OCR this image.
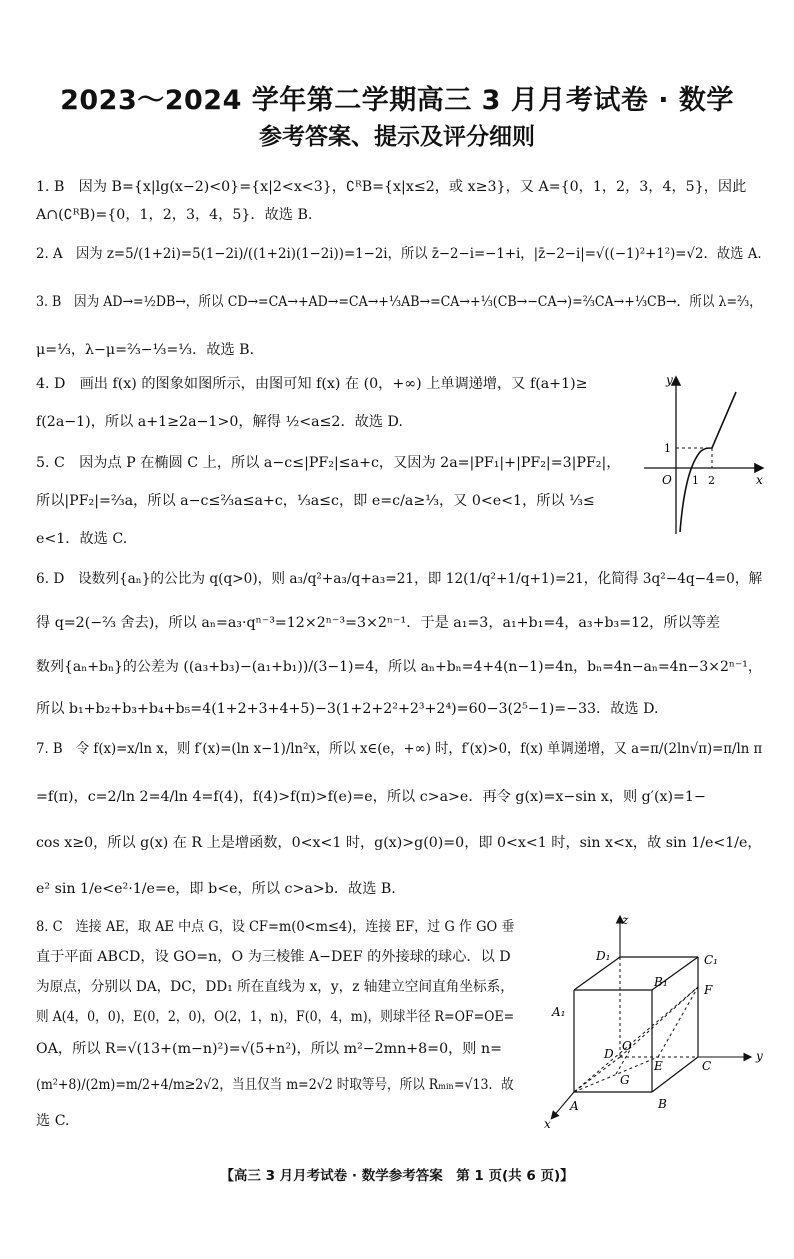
2023～2024 学年第二学期高三 3 月月考试卷 · 数学
参考答案、提示及评分细则
1. B　因为 B={x|lg(x−2)<0}={x|2<x<3}，∁ᴿB={x|x≤2，或 x≥3}，又 A={0，1，2，3，4，5}，因此
A∩(∁ᴿB)={0，1，2，3，4，5}．故选 B.
2. A　因为 z=5/(1+2i)=5(1−2i)/((1+2i)(1−2i))=1−2i，所以 z̄−2−i=−1+i，|z̄−2−i|=√((−1)²+1²)=√2．故选 A.
3. B　因为 AD→=½DB→，所以 CD→=CA→+AD→=CA→+⅓AB→=CA→+⅓(CB→−CA→)=⅔CA→+⅓CB→．所以 λ=⅔，
μ=⅓，λ−μ=⅔−⅓=⅓．故选 B.
4. D　画出 f(x) 的图象如图所示，由图可知 f(x) 在 (0，+∞) 上单调递增，又 f(a+1)≥
f(2a−1)，所以 a+1≥2a−1>0，解得 ½<a≤2．故选 D.
5. C　因为点 P 在椭圆 C 上，所以 a−c≤|PF₂|≤a+c，又因为 2a=|PF₁|+|PF₂|=3|PF₂|，
所以|PF₂|=⅔a，所以 a−c≤⅔a≤a+c，⅓a≤c，即 e=c/a≥⅓，又 0<e<1，所以 ⅓≤
e<1．故选 C.
y
x
O
1
1 2
6. D　设数列{aₙ}的公比为 q(q>0)，则 a₃/q²+a₃/q+a₃=21，即 12(1/q²+1/q+1)=21，化简得 3q²−4q−4=0，解
得 q=2(−⅔ 舍去)，所以 aₙ=a₃·qⁿ⁻³=12×2ⁿ⁻³=3×2ⁿ⁻¹．于是 a₁=3，a₁+b₁=4，a₃+b₃=12，所以等差
数列{aₙ+bₙ}的公差为 ((a₃+b₃)−(a₁+b₁))/(3−1)=4，所以 aₙ+bₙ=4+4(n−1)=4n，bₙ=4n−aₙ=4n−3×2ⁿ⁻¹，
所以 b₁+b₂+b₃+b₄+b₅=4(1+2+3+4+5)−3(1+2+2²+2³+2⁴)=60−3(2⁵−1)=−33．故选 D.
7. B　令 f(x)=x/ln x，则 f′(x)=(ln x−1)/ln²x，所以 x∈(e，+∞) 时，f′(x)>0，f(x) 单调递增，又 a=π/(2ln√π)=π/ln π
=f(π)，c=2/ln 2=4/ln 4=f(4)，f(4)>f(π)>f(e)=e，所以 c>a>e．再令 g(x)=x−sin x，则 g′(x)=1−
cos x≥0，所以 g(x) 在 R 上是增函数，0<x<1 时，g(x)>g(0)=0，即 0<x<1 时，sin x<x，故 sin 1/e<1/e，
e² sin 1/e<e²·1/e=e，即 b<e，所以 c>a>b．故选 B.
8. C　连接 AE，取 AE 中点 G，设 CF=m(0<m≤4)，连接 EF，过 G 作 GO 垂
直于平面 ABCD，设 GO=n，O 为三棱锥 A−DEF 的外接球的球心．以 D
为原点，分别以 DA，DC，DD₁ 所在直线为 x，y，z 轴建立空间直角坐标系，
则 A(4，0，0)，E(0，2，0)，O(2，1，n)，F(0，4，m)，则球半径 R=OF=OE=
OA，所以 R=√(13+(m−n)²)=√(5+n²)，所以 m²−2mn+8=0，则 n=
(m²+8)/(2m)=m/2+4/m≥2√2，当且仅当 m=2√2 时取等号，所以 Rₘᵢₙ=√13．故
选 C.
z
D₁	C₁
B₁
F
A₁
D
O
E	C
y
G
A	B
x
【高三 3 月月考试卷 · 数学参考答案　第 1 页(共 6 页)】
